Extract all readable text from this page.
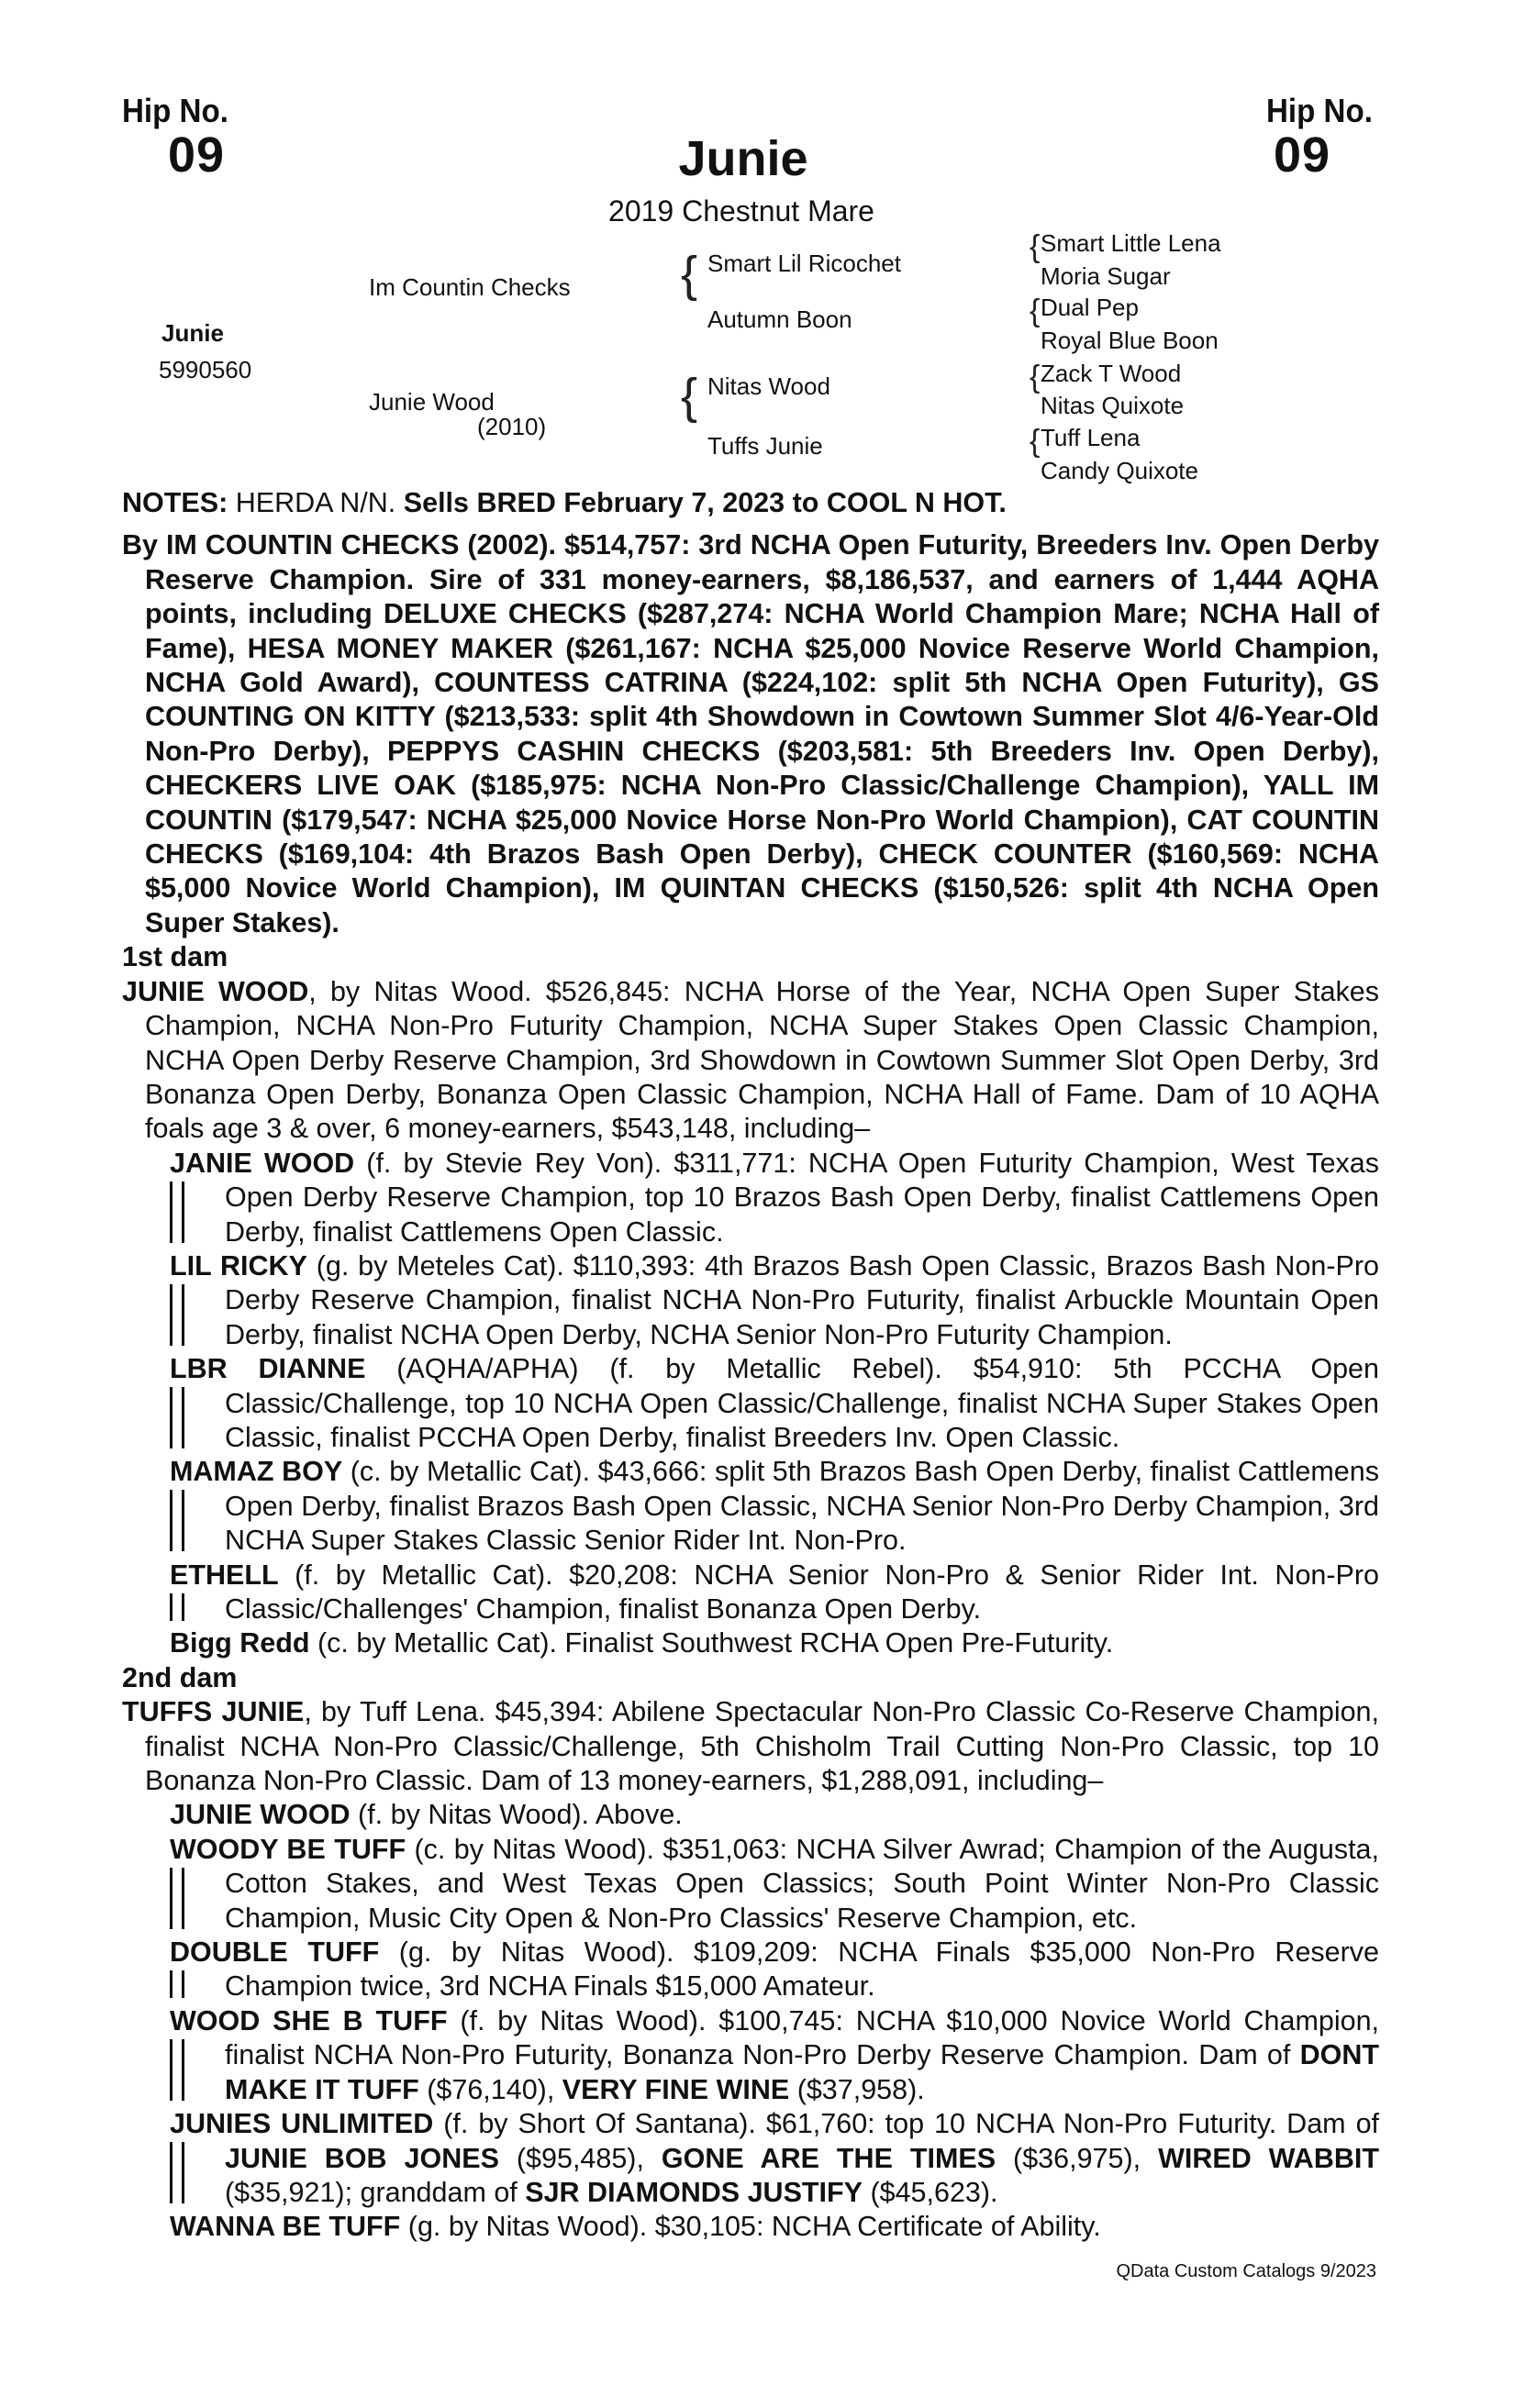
Hip No.
09
Hip No.
09
Junie
2019 Chestnut Mare
Junie
5990560
Im Countin Checks
Junie Wood
(2010)
{ Smart Lil Ricochet
Autumn Boon
{ Nitas Wood
Tuffs Junie
{ Smart Little Lena
Moria Sugar
{ Dual Pep
Royal Blue Boon
{ Zack T Wood
Nitas Quixote
{ Tuff Lena
Candy Quixote

NOTES: HERDA N/N. Sells BRED February 7, 2023 to COOL N HOT.

By IM COUNTIN CHECKS (2002). $514,757: 3rd NCHA Open Futurity, Breeders Inv. Open Derby Reserve Champion. Sire of 331 money-earners, $8,186,537, and earners of 1,444 AQHA points, including DELUXE CHECKS ($287,274: NCHA World Champion Mare; NCHA Hall of Fame), HESA MONEY MAKER ($261,167: NCHA $25,000 Novice Reserve World Champion, NCHA Gold Award), COUNTESS CATRINA ($224,102: split 5th NCHA Open Futurity), GS COUNTING ON KITTY ($213,533: split 4th Showdown in Cowtown Summer Slot 4/6-Year-Old Non-Pro Derby), PEPPYS CASHIN CHECKS ($203,581: 5th Breeders Inv. Open Derby), CHECKERS LIVE OAK ($185,975: NCHA Non-Pro Classic/Challenge Champion), YALL IM COUNTIN ($179,547: NCHA $25,000 Novice Horse Non-Pro World Champion), CAT COUNTIN CHECKS ($169,104: 4th Brazos Bash Open Derby), CHECK COUNTER ($160,569: NCHA $5,000 Novice World Champion), IM QUINTAN CHECKS ($150,526: split 4th NCHA Open Super Stakes).

1st dam

JUNIE WOOD, by Nitas Wood. $526,845: NCHA Horse of the Year, NCHA Open Super Stakes Champion, NCHA Non-Pro Futurity Champion, NCHA Super Stakes Open Classic Champion, NCHA Open Derby Reserve Champion, 3rd Showdown in Cowtown Summer Slot Open Derby, 3rd Bonanza Open Derby, Bonanza Open Classic Champion, NCHA Hall of Fame. Dam of 10 AQHA foals age 3 & over, 6 money-earners, $543,148, including–

JANIE WOOD (f. by Stevie Rey Von). $311,771: NCHA Open Futurity Champion, West Texas Open Derby Reserve Champion, top 10 Brazos Bash Open Derby, finalist Cattlemens Open Derby, finalist Cattlemens Open Classic.
LIL RICKY (g. by Meteles Cat). $110,393: 4th Brazos Bash Open Classic, Brazos Bash Non-Pro Derby Reserve Champion, finalist NCHA Non-Pro Futurity, finalist Arbuckle Mountain Open Derby, finalist NCHA Open Derby, NCHA Senior Non-Pro Futurity Champion.
LBR DIANNE (AQHA/APHA) (f. by Metallic Rebel). $54,910: 5th PCCHA Open Classic/Challenge, top 10 NCHA Open Classic/Challenge, finalist NCHA Super Stakes Open Classic, finalist PCCHA Open Derby, finalist Breeders Inv. Open Classic.
MAMAZ BOY (c. by Metallic Cat). $43,666: split 5th Brazos Bash Open Derby, finalist Cattlemens Open Derby, finalist Brazos Bash Open Classic, NCHA Senior Non-Pro Derby Champion, 3rd NCHA Super Stakes Classic Senior Rider Int. Non-Pro.
ETHELL (f. by Metallic Cat). $20,208: NCHA Senior Non-Pro & Senior Rider Int. Non-Pro Classic/Challenges' Champion, finalist Bonanza Open Derby.
Bigg Redd (c. by Metallic Cat). Finalist Southwest RCHA Open Pre-Futurity.

2nd dam

TUFFS JUNIE, by Tuff Lena. $45,394: Abilene Spectacular Non-Pro Classic Co-Reserve Champion, finalist NCHA Non-Pro Classic/Challenge, 5th Chisholm Trail Cutting Non-Pro Classic, top 10 Bonanza Non-Pro Classic. Dam of 13 money-earners, $1,288,091, including–

JUNIE WOOD (f. by Nitas Wood). Above.
WOODY BE TUFF (c. by Nitas Wood). $351,063: NCHA Silver Awrad; Champion of the Augusta, Cotton Stakes, and West Texas Open Classics; South Point Winter Non-Pro Classic Champion, Music City Open & Non-Pro Classics' Reserve Champion, etc.
DOUBLE TUFF (g. by Nitas Wood). $109,209: NCHA Finals $35,000 Non-Pro Reserve Champion twice, 3rd NCHA Finals $15,000 Amateur.
WOOD SHE B TUFF (f. by Nitas Wood). $100,745: NCHA $10,000 Novice World Champion, finalist NCHA Non-Pro Futurity, Bonanza Non-Pro Derby Reserve Champion. Dam of DONT MAKE IT TUFF ($76,140), VERY FINE WINE ($37,958).
JUNIES UNLIMITED (f. by Short Of Santana). $61,760: top 10 NCHA Non-Pro Futurity. Dam of JUNIE BOB JONES ($95,485), GONE ARE THE TIMES ($36,975), WIRED WABBIT ($35,921); granddam of SJR DIAMONDS JUSTIFY ($45,623).
WANNA BE TUFF (g. by Nitas Wood). $30,105: NCHA Certificate of Ability.
QData Custom Catalogs 9/2023
